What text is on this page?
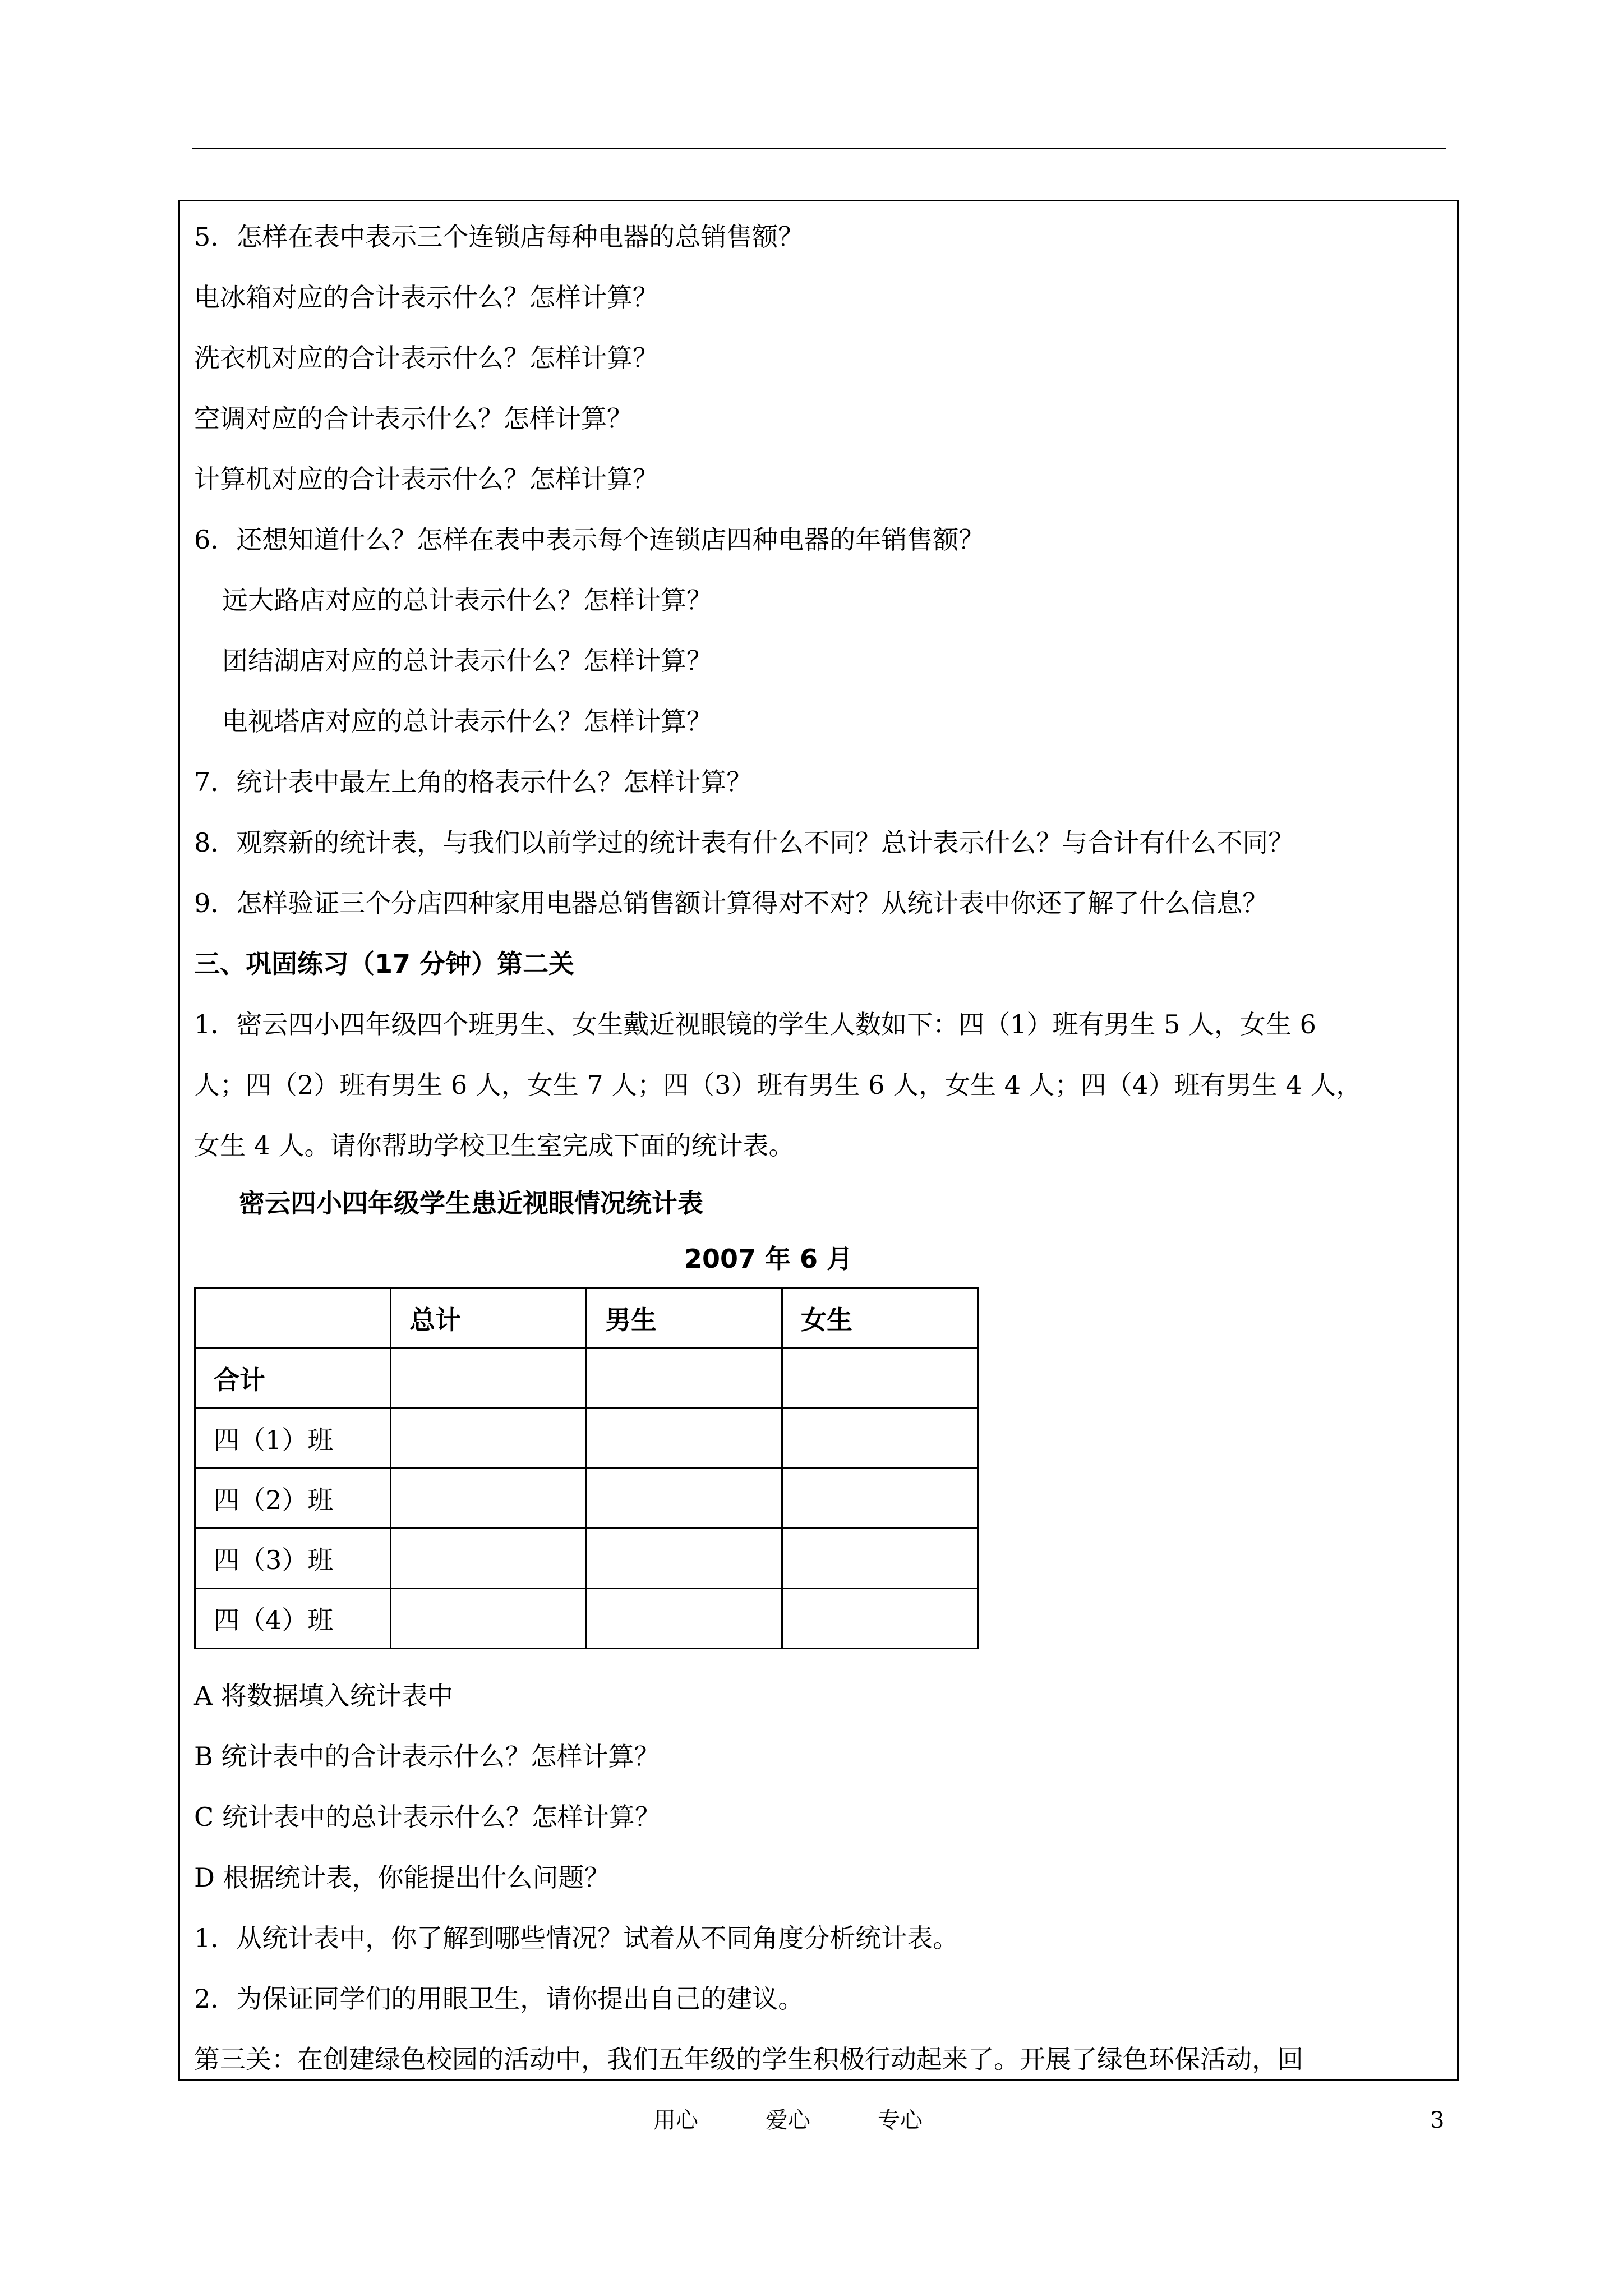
5．怎样在表中表示三个连锁店每种电器的总销售额？
电冰箱对应的合计表示什么？怎样计算？
洗衣机对应的合计表示什么？怎样计算？
空调对应的合计表示什么？怎样计算？
计算机对应的合计表示什么？怎样计算？
6．还想知道什么？怎样在表中表示每个连锁店四种电器的年销售额？
远大路店对应的总计表示什么？怎样计算？
团结湖店对应的总计表示什么？怎样计算？
电视塔店对应的总计表示什么？怎样计算？
7．统计表中最左上角的格表示什么？怎样计算？
8．观察新的统计表，与我们以前学过的统计表有什么不同？总计表示什么？与合计有什么不同？
9．怎样验证三个分店四种家用电器总销售额计算得对不对？从统计表中你还了解了什么信息？
三、巩固练习（17 分钟）第二关
1．密云四小四年级四个班男生、女生戴近视眼镜的学生人数如下：四（1）班有男生 5 人，女生 6
人；四（2）班有男生 6 人，女生 7 人；四（3）班有男生 6 人，女生 4 人；四（4）班有男生 4 人，
女生 4 人。请你帮助学校卫生室完成下面的统计表。
密云四小四年级学生患近视眼情况统计表
2007 年 6 月
	总计	男生	女生
合计			
四（1）班			
四（2）班			
四（3）班			
四（4）班			
A 将数据填入统计表中
B 统计表中的合计表示什么？怎样计算？
C 统计表中的总计表示什么？怎样计算？
D 根据统计表，你能提出什么问题？
1．从统计表中，你了解到哪些情况？试着从不同角度分析统计表。
2．为保证同学们的用眼卫生，请你提出自己的建议。
第三关：在创建绿色校园的活动中，我们五年级的学生积极行动起来了。开展了绿色环保活动，回
用心	爱心	专心	3
